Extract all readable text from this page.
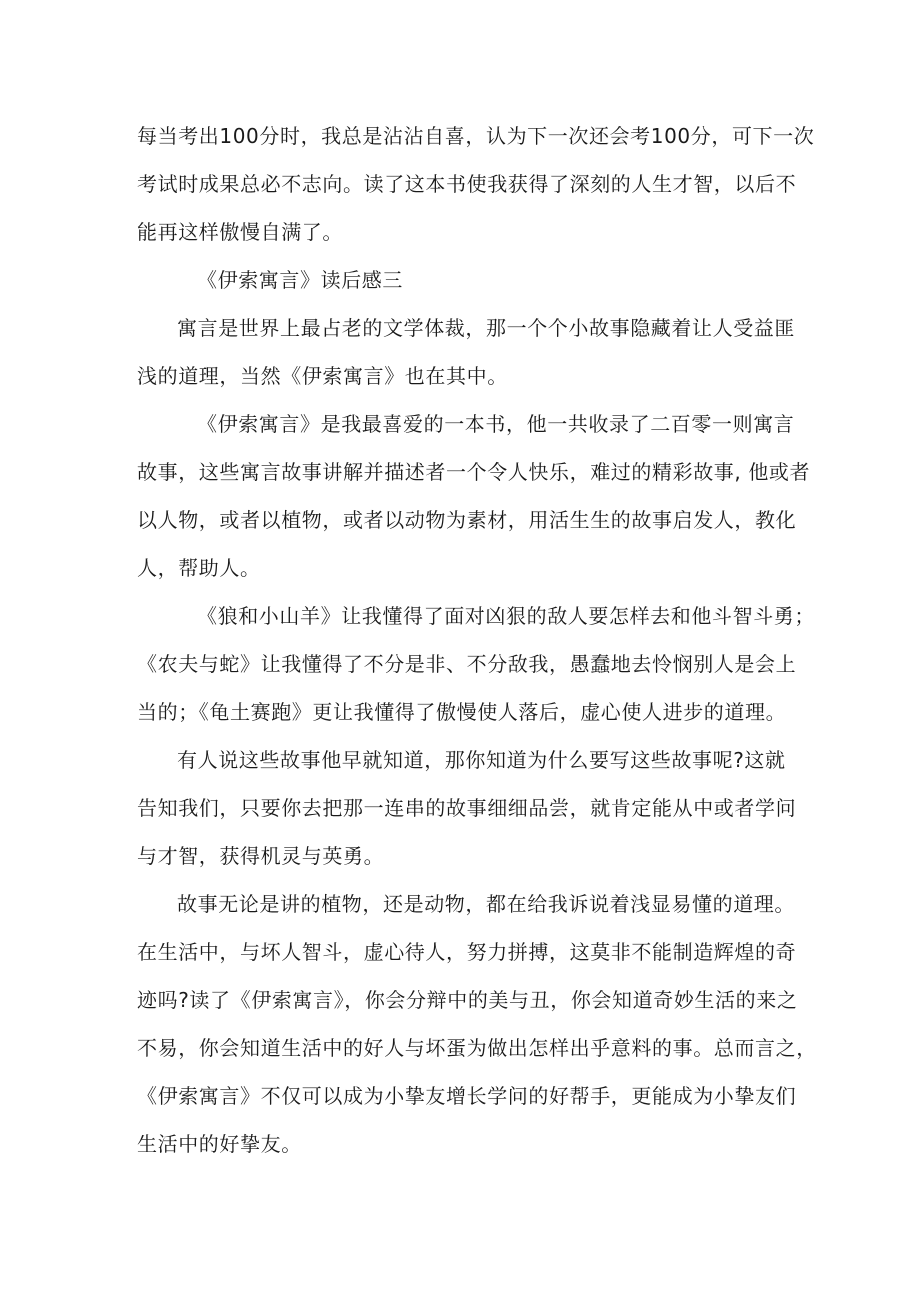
每当考出100分时，我总是沾沾自喜，认为下一次还会考100分，可下一次
考试时成果总必不志向。读了这本书使我获得了深刻的人生才智，以后不
能再这样傲慢自满了。
《伊索寓言》读后感三
寓言是世界上最占老的文学体裁，那一个个小故事隐藏着让人受益匪
浅的道理，当然《伊索寓言》也在其中。
《伊索寓言》是我最喜爱的一本书，他一共收录了二百零一则寓言
故事，这些寓言故事讲解并描述者一个令人快乐，难过的精彩故事, 他或者
以人物，或者以植物，或者以动物为素材，用活生生的故事启发人，教化
人，帮助人。
《狼和小山羊》让我懂得了面对凶狠的敌人要怎样去和他斗智斗勇；
《农夫与蛇》让我懂得了不分是非、不分敌我，愚蠢地去怜悯别人是会上
当的；《龟土赛跑》更让我懂得了傲慢使人落后，虚心使人进步的道理。
有人说这些故事他早就知道，那你知道为什么要写这些故事呢?这就
告知我们，只要你去把那一连串的故事细细品尝，就肯定能从中或者学问
与才智，获得机灵与英勇。
故事无论是讲的植物，还是动物，都在给我诉说着浅显易懂的道理。
在生活中，与坏人智斗，虚心待人，努力拼搏，这莫非不能制造辉煌的奇
迹吗?读了《伊索寓言》，你会分辩中的美与丑，你会知道奇妙生活的来之
不易，你会知道生活中的好人与坏蛋为做出怎样出乎意料的事。总而言之，
《伊索寓言》不仅可以成为小挚友增长学问的好帮手，更能成为小挚友们
生活中的好挚友。
